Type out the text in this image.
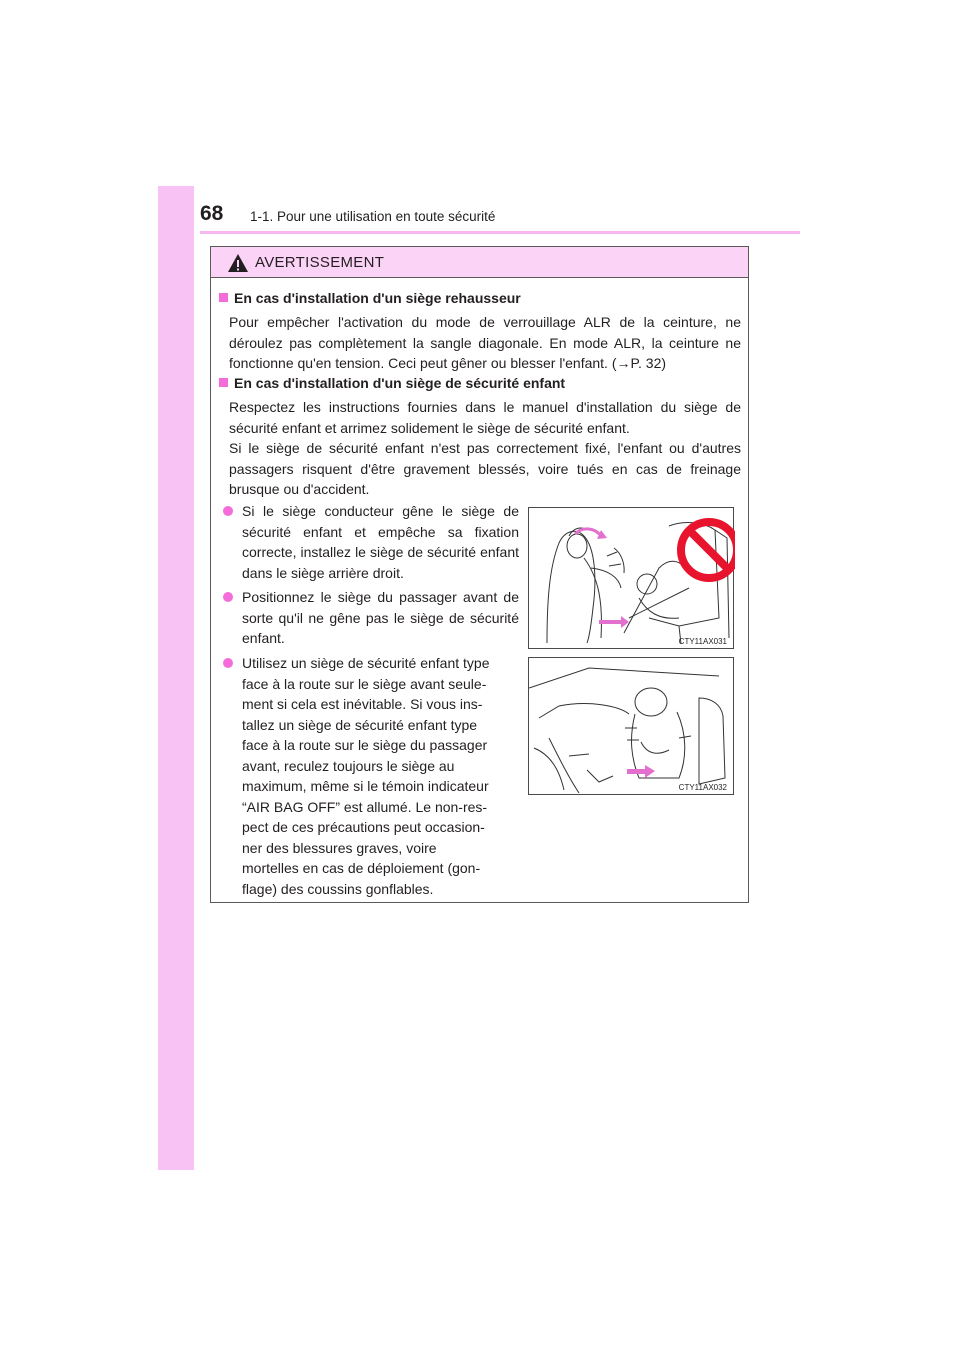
68 1-1. Pour une utilisation en toute sécurité
AVERTISSEMENT
En cas d'installation d'un siège rehausseur
Pour empêcher l'activation du mode de verrouillage ALR de la ceinture, ne déroulez pas complètement la sangle diagonale. En mode ALR, la ceinture ne fonctionne qu'en tension. Ceci peut gêner ou blesser l'enfant. (→P. 32)
En cas d'installation d'un siège de sécurité enfant
Respectez les instructions fournies dans le manuel d'installation du siège de sécurité enfant et arrimez solidement le siège de sécurité enfant.
Si le siège de sécurité enfant n'est pas correctement fixé, l'enfant ou d'autres passagers risquent d'être gravement blessés, voire tués en cas de freinage brusque ou d'accident.
Si le siège conducteur gêne le siège de sécurité enfant et empêche sa fixation correcte, installez le siège de sécurité enfant dans le siège arrière droit.
Positionnez le siège du passager avant de sorte qu'il ne gêne pas le siège de sécurité enfant.
Utilisez un siège de sécurité enfant type
face à la route sur le siège avant seule-
ment si cela est inévitable. Si vous ins-
tallez un siège de sécurité enfant type
face à la route sur le siège du passager
avant, reculez toujours le siège au
maximum, même si le témoin indicateur
“AIR BAG OFF” est allumé. Le non-res-
pect de ces précautions peut occasion-
ner des blessures graves, voire
mortelles en cas de déploiement (gon-
flage) des coussins gonflables.
CTY11AX031
CTY11AX032
